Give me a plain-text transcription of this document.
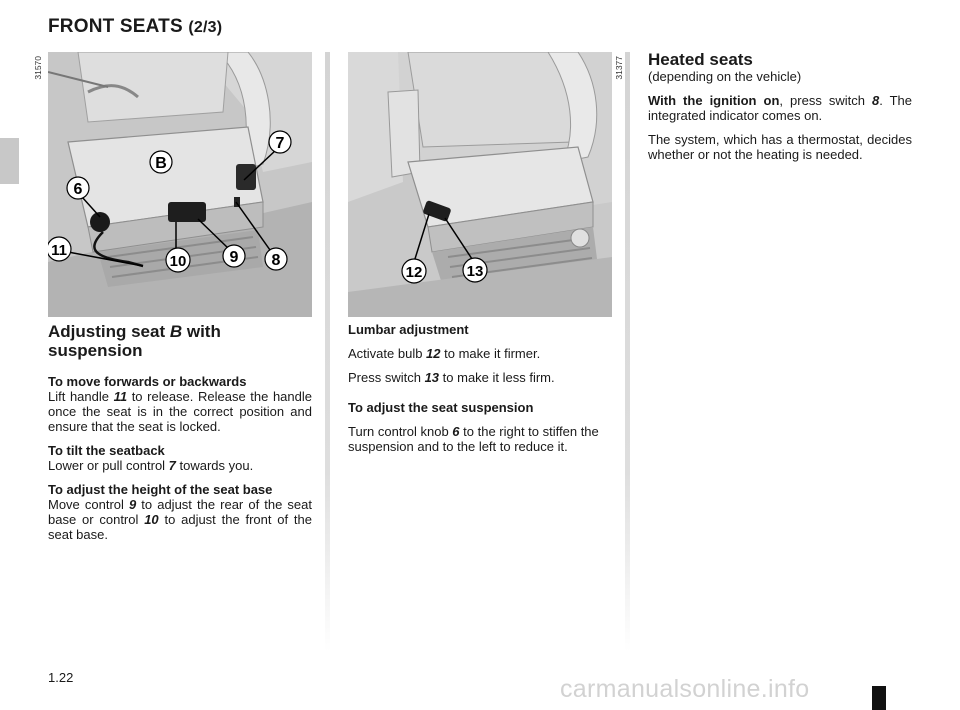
FRONT SEATS (2/3)
B
6
7
8
9
10
11
31570
12	13
31377
Adjusting seat B with suspension
To move forwards or backwards

Lift handle 11 to release. Release the handle once the seat is in the correct position and ensure that the seat is locked.

To tilt the seatback

Lower or pull control 7 towards you.

To adjust the height of the seat base

Move control 9 to adjust the rear of the seat base or control 10 to adjust the front of the seat base.

Lumbar adjustment

Activate bulb 12 to make it firmer.

Press switch 13 to make it less firm.

To adjust the seat suspension

Turn control knob 6 to the right to stiffen the suspension and to the left to reduce it.

Heated seats

(depending on the vehicle)

With the ignition on, press switch 8. The integrated indicator comes on.

The system, which has a thermostat, decides whether or not the heating is needed.

1.22	carmanualsonline.info
